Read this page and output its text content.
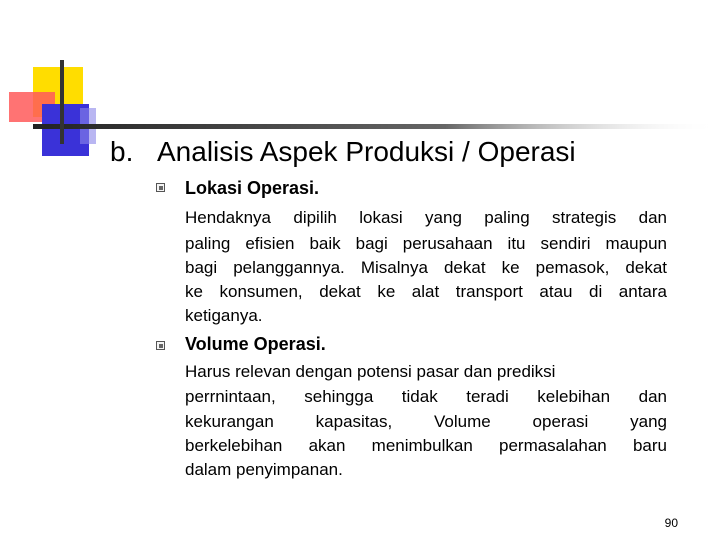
b. Analisis Aspek Produksi / Operasi
Lokasi Operasi.
Hendaknya dipilih lokasi yang paling strategis dan
paling efisien baik bagi perusahaan itu sendiri maupun
bagi pelanggannya. Misalnya dekat ke pemasok, dekat
ke konsumen, dekat ke alat transport atau di antara
ketiganya.
Volume Operasi.
Harus relevan dengan potensi pasar dan prediksi
perrnintaan, sehingga tidak teradi kelebihan dan
kekurangan kapasitas, Volume operasi yang
berkelebihan akan menimbulkan permasalahan baru
dalam penyimpanan.
90
